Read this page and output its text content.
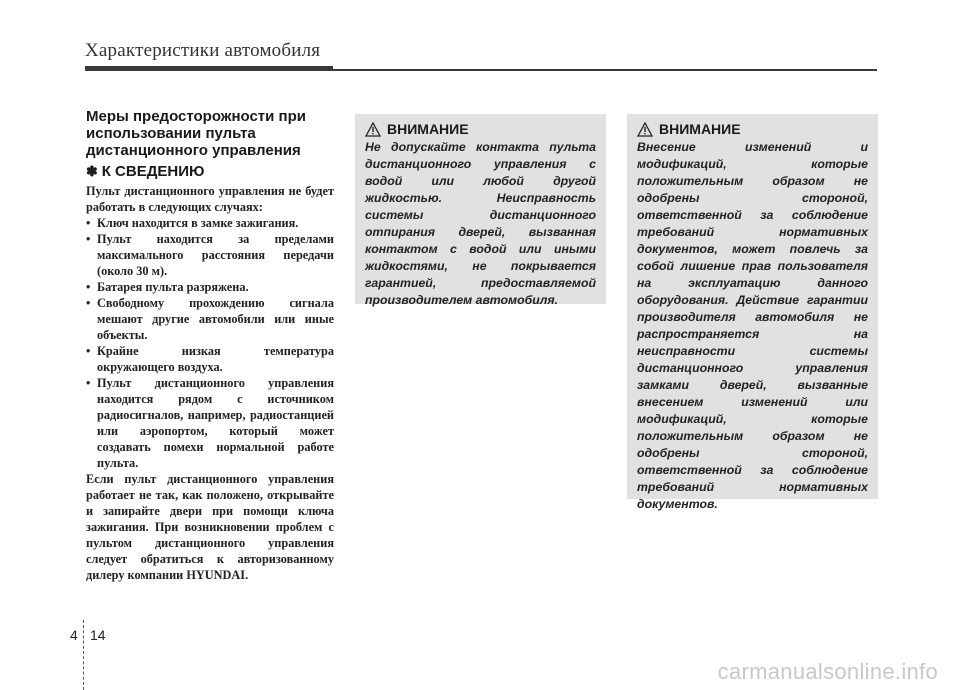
Характеристики автомобиля
Меры предосторожности при использовании пульта дистанционного управления
✽ К СВЕДЕНИЮ

Пульт дистанционного управления не будет работать в следующих случаях:

• Ключ находится в замке зажигания.
• Пульт находится за пределами максимального расстояния передачи (около 30 м).
• Батарея пульта разряжена.
• Свободному прохождению сигнала мешают другие автомобили или иные объекты.
• Крайне низкая температура окружающего воздуха.
• Пульт дистанционного управления находится рядом с источником радиосигналов, например, радиостанцией или аэропортом, который может создавать помехи нормальной работе пульта.

Если пульт дистанционного управления работает не так, как положено, открывайте и запирайте двери при помощи ключа зажигания. При возникновении проблем с пультом дистанционного управления следует обратиться к авторизованному дилеру компании HYUNDAI.

ВНИМАНИЕ

Не допускайте контакта пульта дистанционного управления с водой или любой другой жидкостью. Неисправность системы дистанционного отпирания дверей, вызванная контактом с водой или иными жидкостями, не покрывается гарантией, предоставляемой производителем автомобиля.

ВНИМАНИЕ

Внесение изменений и модификаций, которые положительным образом не одобрены стороной, ответственной за соблюдение требований нормативных документов, может повлечь за собой лишение прав пользователя на эксплуатацию данного оборудования. Действие гарантии производителя автомобиля не распространяется на неисправности системы дистанционного управления замками дверей, вызванные внесением изменений или модификаций, которые положительным образом не одобрены стороной, ответственной за соблюдение требований нормативных документов.

4 14
carmanualsonline.info
